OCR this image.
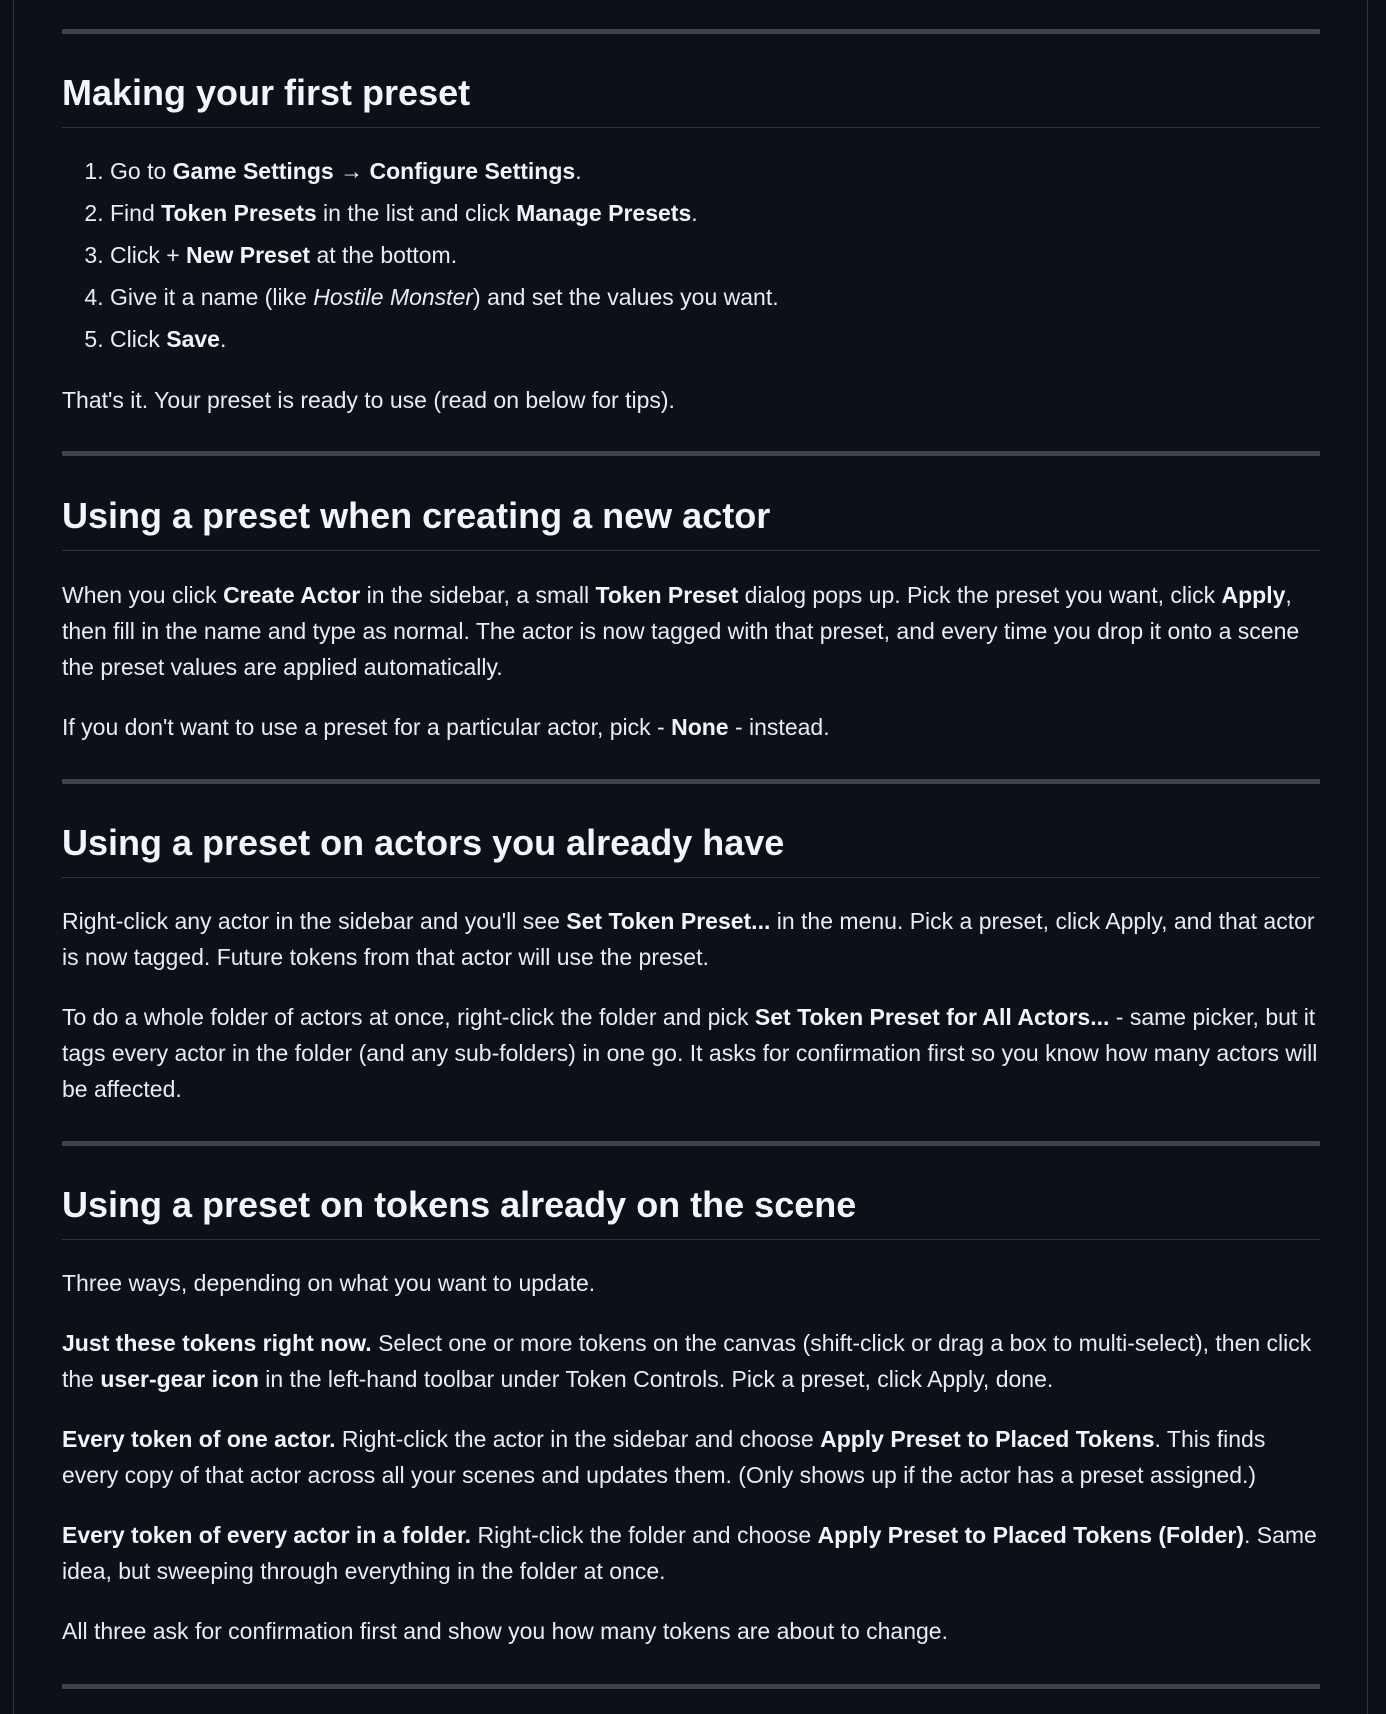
Making your first preset
1. Go to Game Settings → Configure Settings.
2. Find Token Presets in the list and click Manage Presets.
3. Click + New Preset at the bottom.
4. Give it a name (like Hostile Monster) and set the values you want.
5. Click Save.

That's it. Your preset is ready to use (read on below for tips).

Using a preset when creating a new actor

When you click Create Actor in the sidebar, a small Token Preset dialog pops up. Pick the preset you want, click Apply, then fill in the name and type as normal. The actor is now tagged with that preset, and every time you drop it onto a scene the preset values are applied automatically.

If you don't want to use a preset for a particular actor, pick - None - instead.

Using a preset on actors you already have

Right-click any actor in the sidebar and you'll see Set Token Preset... in the menu. Pick a preset, click Apply, and that actor is now tagged. Future tokens from that actor will use the preset.

To do a whole folder of actors at once, right-click the folder and pick Set Token Preset for All Actors... - same picker, but it tags every actor in the folder (and any sub-folders) in one go. It asks for confirmation first so you know how many actors will be affected.

Using a preset on tokens already on the scene

Three ways, depending on what you want to update.

Just these tokens right now. Select one or more tokens on the canvas (shift-click or drag a box to multi-select), then click the user-gear icon in the left-hand toolbar under Token Controls. Pick a preset, click Apply, done.

Every token of one actor. Right-click the actor in the sidebar and choose Apply Preset to Placed Tokens. This finds every copy of that actor across all your scenes and updates them. (Only shows up if the actor has a preset assigned.)

Every token of every actor in a folder. Right-click the folder and choose Apply Preset to Placed Tokens (Folder). Same idea, but sweeping through everything in the folder at once.

All three ask for confirmation first and show you how many tokens are about to change.
